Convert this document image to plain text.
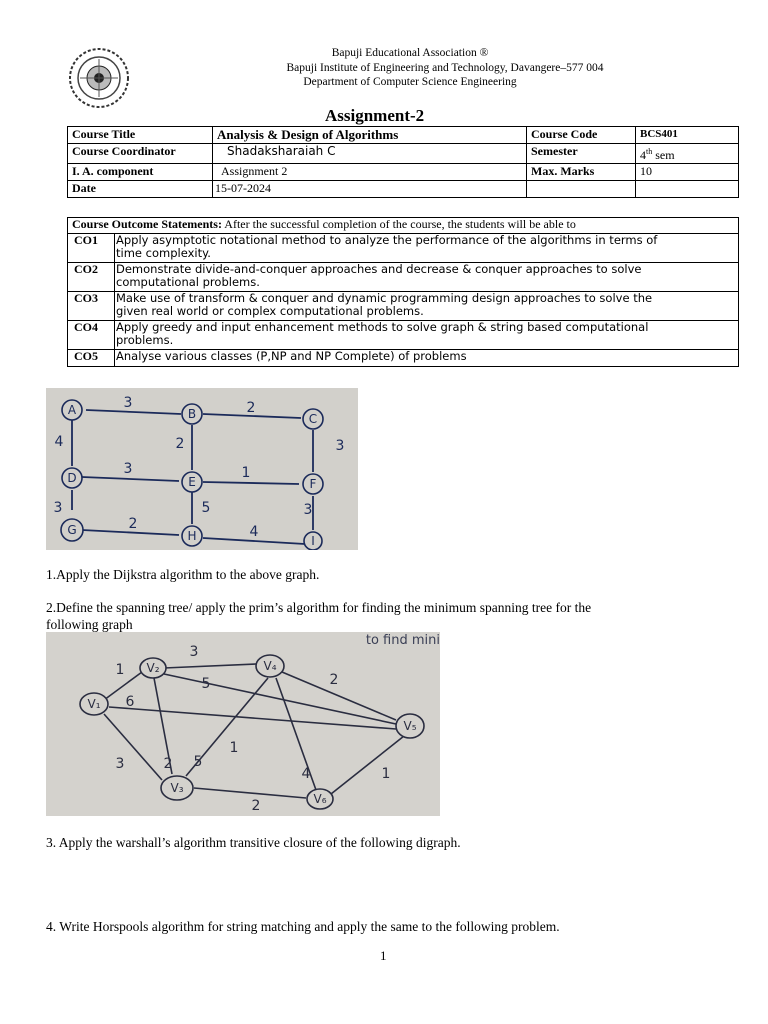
Bapuji Educational Association ®
Bapuji Institute of Engineering and Technology, Davangere–577 004
Department of Computer Science Engineering
Assignment-2
Course Title	Analysis & Design of Algorithms	Course Code	BCS401
Course Coordinator	Shadaksharaiah C	Semester	4th sem
I. A. component	Assignment 2	Max. Marks	10
Date	15-07-2024		
Course Outcome Statements: After the successful completion of the course, the students will be able to	
CO1	Apply asymptotic notational method to analyze the performance of the algorithms in terms of
time complexity.

CO2	Demonstrate divide-and-conquer approaches and decrease & conquer approaches to solve
computational problems.

CO3	Make use of transform & conquer and dynamic programming design approaches to solve the
given real world or complex computational problems.

CO4	Apply greedy and input enhancement methods to solve graph & string based computational
problems.

CO5	Analyse various classes (P,NP and NP Complete) of problems
A	B	C
D	E	F
G	H	I
3	2
4	2
3	1
3
3	5	3
2	4
1.Apply the Dijkstra algorithm to the above graph.
2.Define the spanning tree/ apply the prim’s algorithm for finding the minimum spanning tree for the
following graph
to find mini
V₁
V₂
V₃
V₄
V₅
V₆
1
3
5
6
2
3	2 5
1
4	1
2
3. Apply the warshall’s algorithm transitive closure of the following digraph.
4. Write Horspools algorithm for string matching and apply the same to the following problem.
1
